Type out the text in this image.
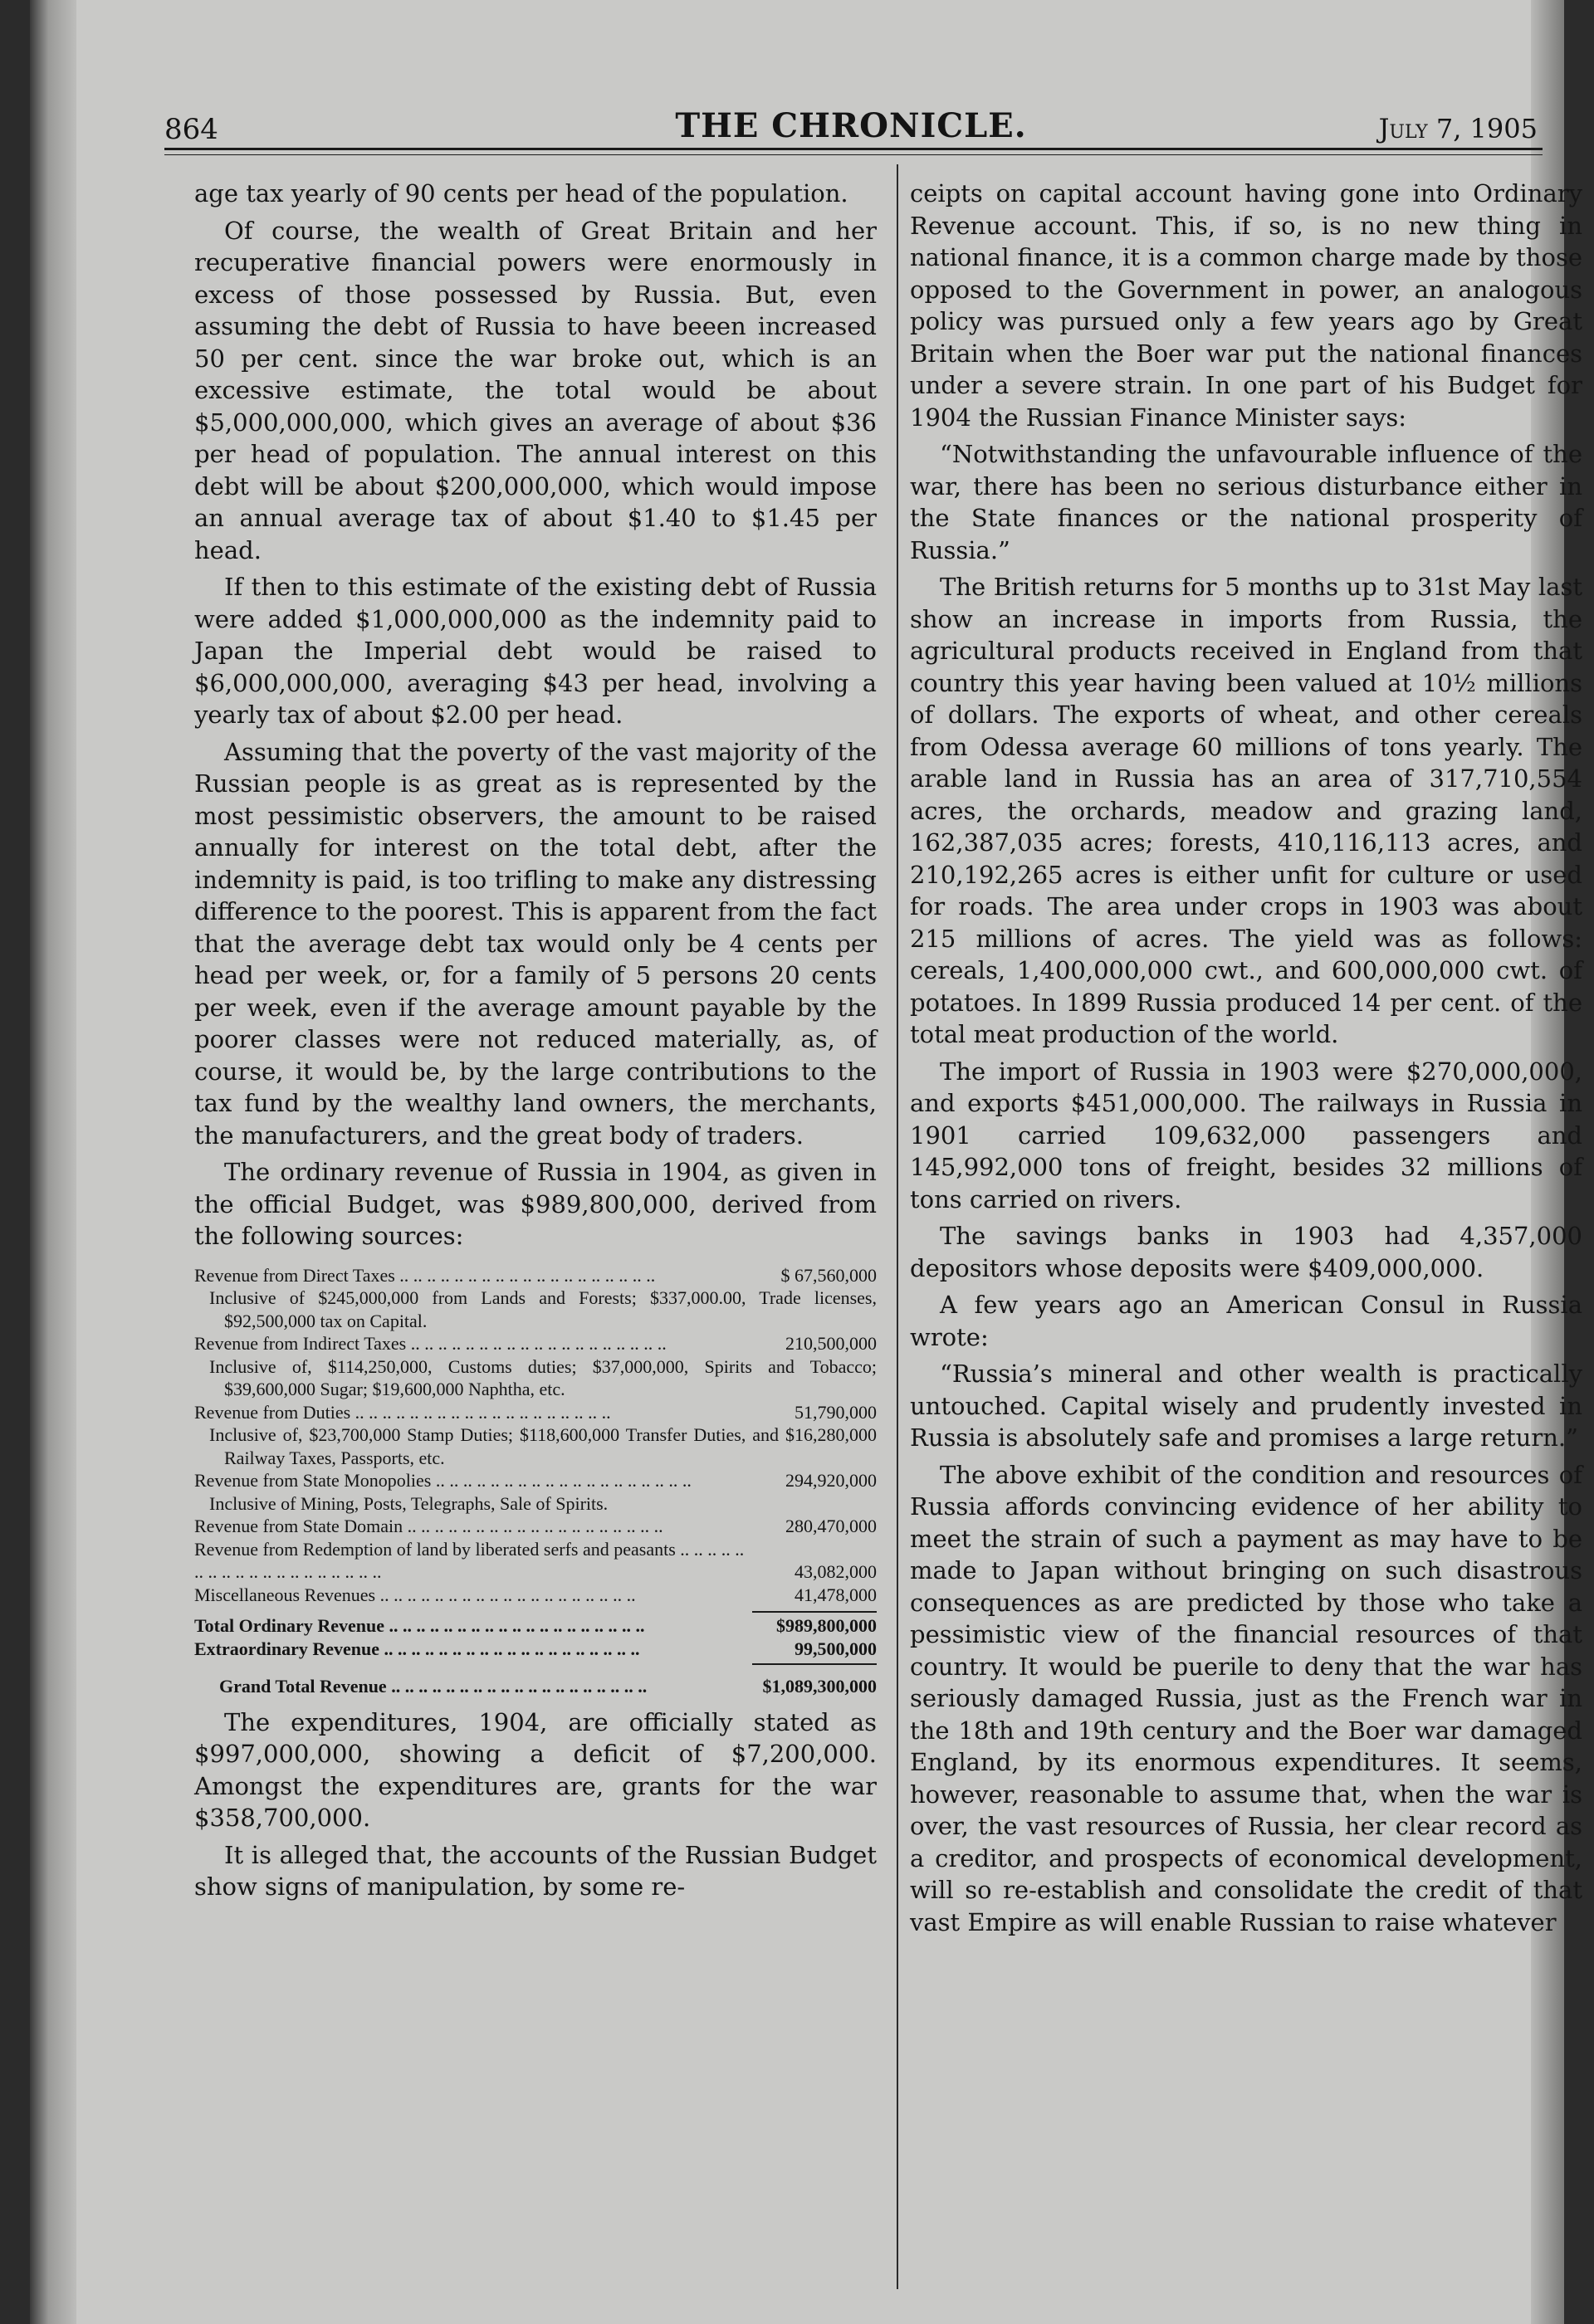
864	THE CHRONICLE.	July 7, 1905

age tax yearly of 90 cents per head of the population.

Of course, the wealth of Great Britain and her recuperative financial powers were enormously in excess of those possessed by Russia. But, even assuming the debt of Russia to have beeen increased 50 per cent. since the war broke out, which is an excessive estimate, the total would be about $5,000,000,000, which gives an average of about $36 per head of population. The annual interest on this debt will be about $200,000,000, which would impose an annual average tax of about $1.40 to $1.45 per head.

If then to this estimate of the existing debt of Russia were added $1,000,000,000 as the indemnity paid to Japan the Imperial debt would be raised to $6,000,000,000, averaging $43 per head, involving a yearly tax of about $2.00 per head.

Assuming that the poverty of the vast majority of the Russian people is as great as is represented by the most pessimistic observers, the amount to be raised annually for interest on the total debt, after the indemnity is paid, is too trifling to make any distressing difference to the poorest. This is apparent from the fact that the average debt tax would only be 4 cents per head per week, or, for a family of 5 persons 20 cents per week, even if the average amount payable by the poorer classes were not reduced materially, as, of course, it would be, by the large contributions to the tax fund by the wealthy land owners, the merchants, the manufacturers, and the great body of traders.

The ordinary revenue of Russia in 1904, as given in the official Budget, was $989,800,000, derived from the following sources:

Revenue from Direct Taxes .. ..	$ 67,560,000
Inclusive of $245,000,000 from Lands and Forests; $337,000.00, Trade licenses, $92,500,000 tax on Capital.
Revenue from Indirect Taxes .. ..	210,500,000
Inclusive of, $114,250,000, Customs duties; $37,000,000, Spirits and Tobacco; $39,600,000 Sugar; $19,600,000 Naphtha, etc.
Revenue from Duties .. ..	51,790,000
Inclusive of, $23,700,000 Stamp Duties; $118,600,000 Transfer Duties, and $16,280,000 Railway Taxes, Passports, etc.
Revenue from State Monopolies .. ..	294,920,000
Inclusive of Mining, Posts, Telegraphs, Sale of Spirits.
Revenue from State Domain .. ..	280,470,000
Revenue from Redemption of land by liberated serfs and peasants .. ..
43,082,000
Miscellaneous Revenues .. ..	41,478,000
Total Ordinary Revenue .. ..	$989,800,000
Extraordinary Revenue .. ..	99,500,000
Grand Total Revenue .. ..	$1,089,300,000

The expenditures, 1904, are officially stated as $997,000,000, showing a deficit of $7,200,000. Amongst the expenditures are, grants for the war $358,700,000.

It is alleged that, the accounts of the Russian Budget show signs of manipulation, by some re-

ceipts on capital account having gone into Ordinary Revenue account. This, if so, is no new thing in national finance, it is a common charge made by those opposed to the Government in power, an analogous policy was pursued only a few years ago by Great Britain when the Boer war put the national finances under a severe strain. In one part of his Budget for 1904 the Russian Finance Minister says:

“Notwithstanding the unfavourable influence of the war, there has been no serious disturbance either in the State finances or the national prosperity of Russia.”

The British returns for 5 months up to 31st May last show an increase in imports from Russia, the agricultural products received in England from that country this year having been valued at 10½ millions of dollars. The exports of wheat, and other cereals from Odessa average 60 millions of tons yearly. The arable land in Russia has an area of 317,710,554 acres, the orchards, meadow and grazing land, 162,387,035 acres; forests, 410,116,113 acres, and 210,192,265 acres is either unfit for culture or used for roads. The area under crops in 1903 was about 215 millions of acres. The yield was as follows: cereals, 1,400,000,000 cwt., and 600,000,000 cwt. of potatoes. In 1899 Russia produced 14 per cent. of the total meat production of the world.

The import of Russia in 1903 were $270,000,000, and exports $451,000,000. The railways in Russia in 1901 carried 109,632,000 passengers and 145,992,000 tons of freight, besides 32 millions of tons carried on rivers.

The savings banks in 1903 had 4,357,000 depositors whose deposits were $409,000,000.

A few years ago an American Consul in Russia wrote:

“Russia’s mineral and other wealth is practically untouched. Capital wisely and prudently invested in Russia is absolutely safe and promises a large return.”

The above exhibit of the condition and resources of Russia affords convincing evidence of her ability to meet the strain of such a payment as may have to be made to Japan without bringing on such disastrous consequences as are predicted by those who take a pessimistic view of the financial resources of that country. It would be puerile to deny that the war has seriously damaged Russia, just as the French war in the 18th and 19th century and the Boer war damaged England, by its enormous expenditures. It seems, however, reasonable to assume that, when the war is over, the vast resources of Russia, her clear record as a creditor, and prospects of economical development, will so re-establish and consolidate the credit of that vast Empire as will enable Russian to raise whatever
